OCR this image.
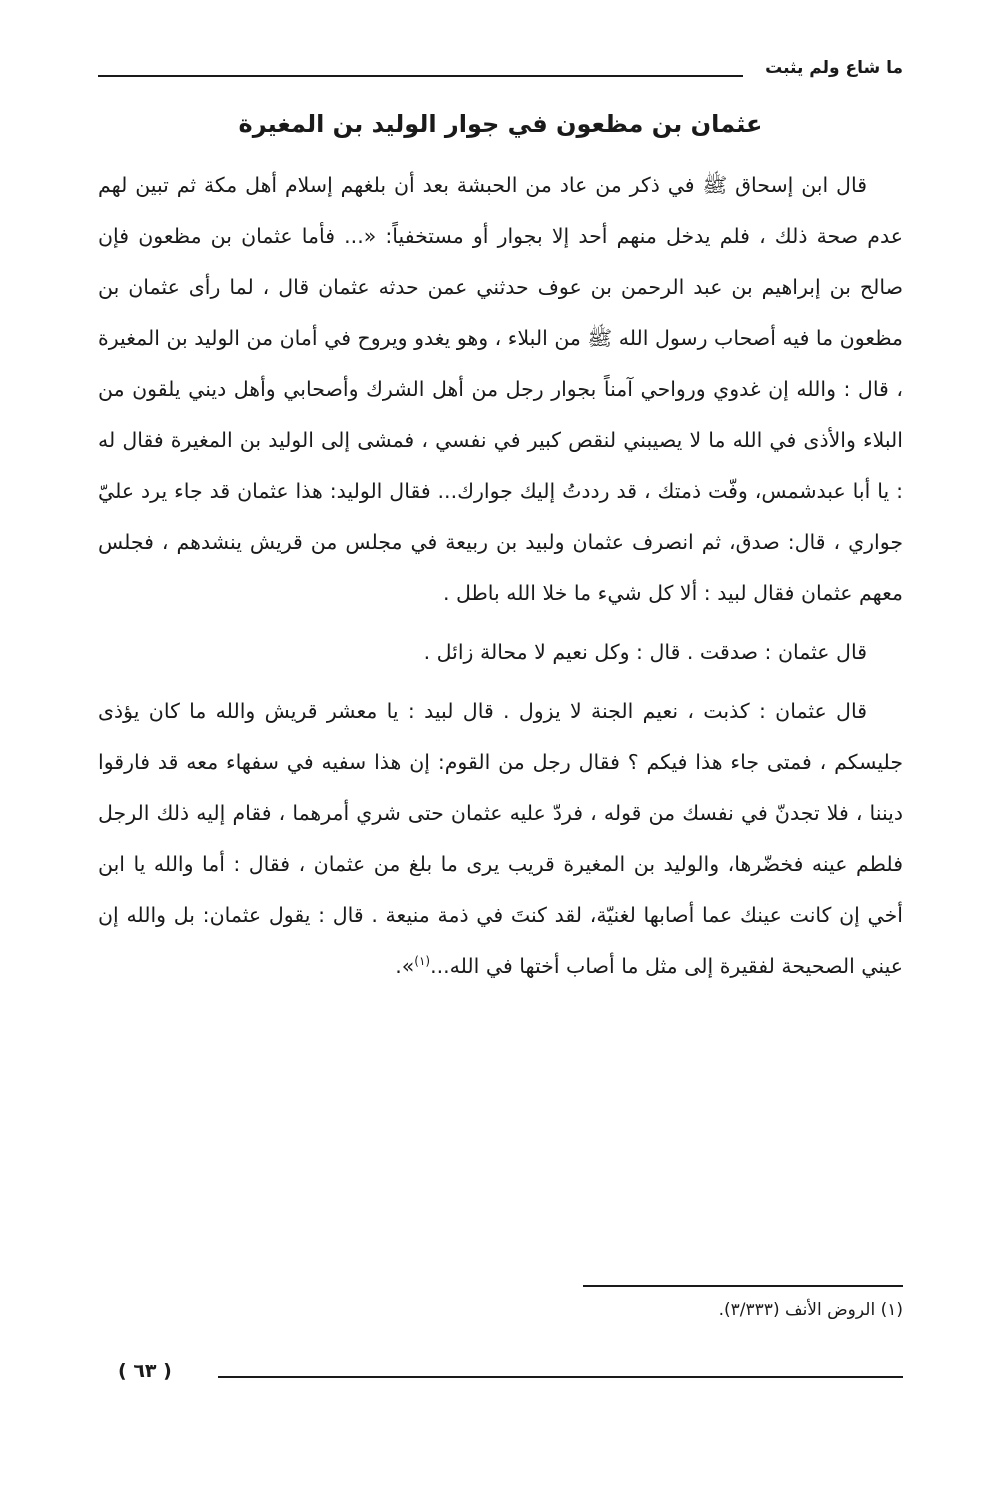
ما شاع ولم يثبت
عثمان بن مظعون في جوار الوليد بن المغيرة

قال ابن إسحاق ﷺ في ذكر من عاد من الحبشة بعد أن بلغهم إسلام أهل مكة ثم تبين لهم عدم صحة ذلك ، فلم يدخل منهم أحد إلا بجوار أو مستخفياً: «... فأما عثمان بن مظعون فإن صالح بن إبراهيم بن عبد الرحمن بن عوف حدثني عمن حدثه عثمان قال ، لما رأى عثمان بن مظعون ما فيه أصحاب رسول الله ﷺ من البلاء ، وهو يغدو ويروح في أمان من الوليد بن المغيرة ، قال : والله إن غدوي ورواحي آمناً بجوار رجل من أهل الشرك وأصحابي وأهل ديني يلقون من البلاء والأذى في الله ما لا يصيبني لنقص كبير في نفسي ، فمشى إلى الوليد بن المغيرة فقال له : يا أبا عبدشمس، وفّت ذمتك ، قد رددتُ إليك جوارك... فقال الوليد: هذا عثمان قد جاء يرد عليّ جواري ، قال: صدق، ثم انصرف عثمان ولبيد بن ربيعة في مجلس من قريش ينشدهم ، فجلس معهم عثمان فقال لبيد : ألا كل شيء ما خلا الله باطل .

قال عثمان : صدقت . قال : وكل نعيم لا محالة زائل .

قال عثمان : كذبت ، نعيم الجنة لا يزول . قال لبيد : يا معشر قريش والله ما كان يؤذى جليسكم ، فمتى جاء هذا فيكم ؟ فقال رجل من القوم: إن هذا سفيه في سفهاء معه قد فارقوا ديننا ، فلا تجدنّ في نفسك من قوله ، فردّ عليه عثمان حتى شري أمرهما ، فقام إليه ذلك الرجل فلطم عينه فخضّرها، والوليد بن المغيرة قريب يرى ما بلغ من عثمان ، فقال : أما والله يا ابن أخي إن كانت عينك عما أصابها لغنيّة، لقد كنتَ في ذمة منيعة . قال : يقول عثمان: بل والله إن عيني الصحيحة لفقيرة إلى مثل ما أصاب أختها في الله...$^{(١)}$».

(١) الروض الأنف (٣/٣٣٣).
( ٦٣ )
